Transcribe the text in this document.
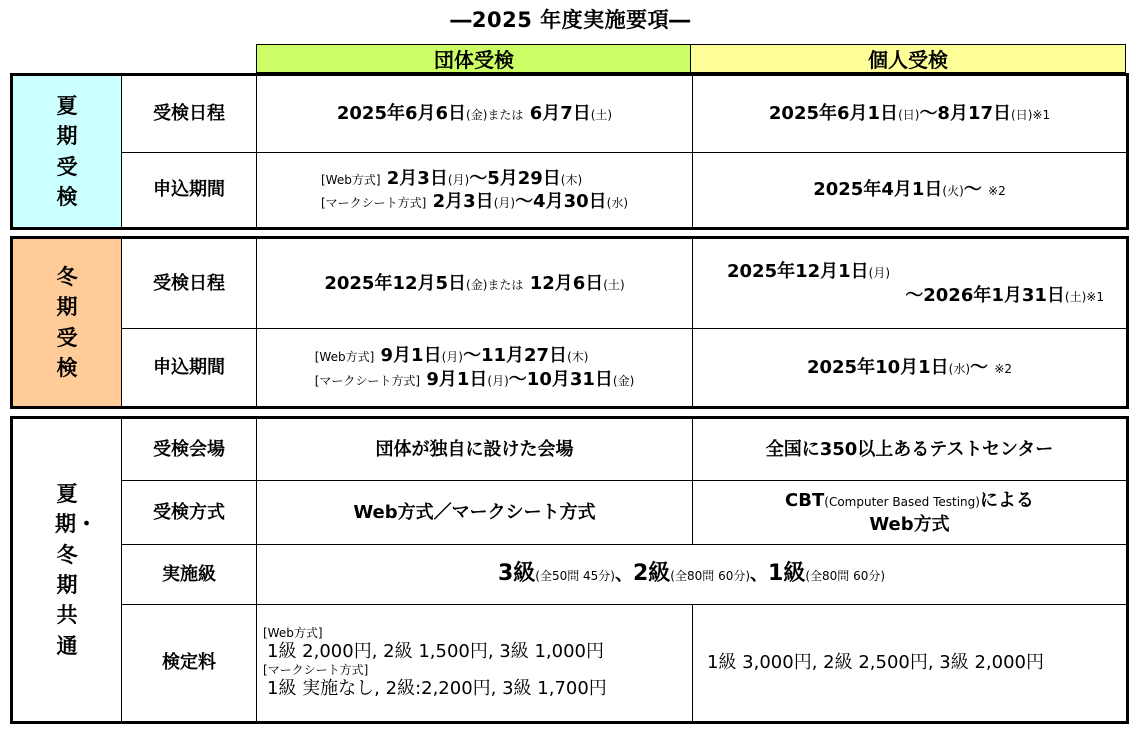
―2025 年度実施要項―
団体受検	個人受検
夏期受検	受検日程	2025年6月6日(金)または 6月7日(土)	2025年6月1日(日)～8月17日(日)※1
	申込期間	[Web方式] 2月3日(月)～5月29日(木)
[マークシート方式] 2月3日(月)～4月30日(水)	2025年4月1日(火)～ ※2
冬期受検	受検日程	2025年12月5日(金)または 12月6日(土)	2025年12月1日(月)
～2026年1月31日(土)※1

	申込期間	[Web方式] 9月1日(月)～11月27日(木)
[マークシート方式] 9月1日(月)～10月31日(金)	2025年10月1日(水)～ ※2
夏期・冬期共通	受検会場	団体が独自に設けた会場	全国に350以上あるテストセンター
	受検方式	Web方式／マークシート方式	CBT(Computer Based Testing)による
Web方式

	実施級	3級(全50問 45分)、2級(全80問 60分)、1級(全80問 60分)	
	検定料	[Web方式]
1級 2,000円, 2級 1,500円, 3級 1,000円
[マークシート方式]
1級 実施なし, 2級:2,200円, 3級 1,700円	1級 3,000円, 2級 2,500円, 3級 2,000円
